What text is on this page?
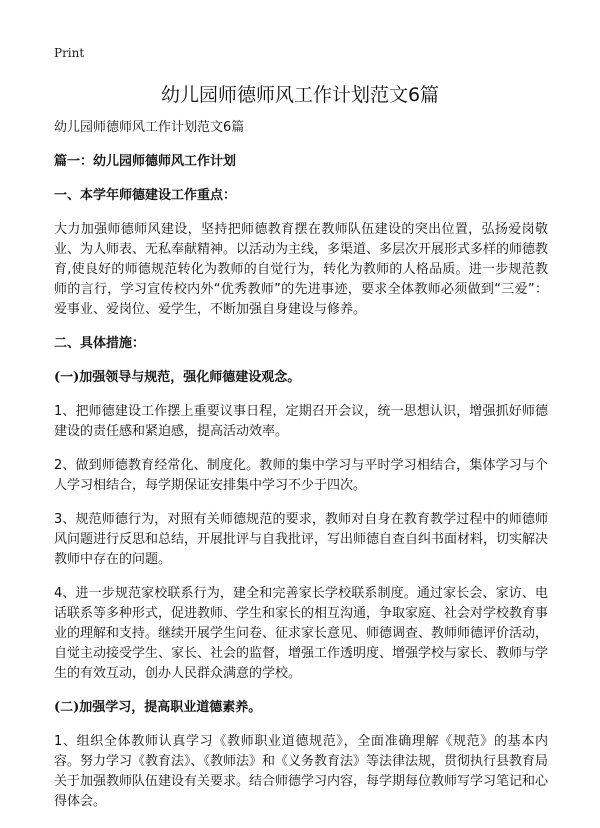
Print
幼儿园师德师风工作计划范文6篇

幼儿园师德师风工作计划范文6篇

篇一：幼儿园师德师风工作计划

一、本学年师德建设工作重点：

大力加强师德师风建设，坚持把师德教育摆在教师队伍建设的突出位置，弘扬爱岗敬业、为人师表、无私奉献精神。以活动为主线，多渠道、多层次开展形式多样的师德教育,使良好的师德规范转化为教师的自觉行为，转化为教师的人格品质。进一步规范教师的言行，学习宣传校内外“优秀教师”的先进事迹，要求全体教师必须做到“三爱”：爱事业、爱岗位、爱学生，不断加强自身建设与修养。

二、具体措施：

(一)加强领导与规范，强化师德建设观念。

1、把师德建设工作摆上重要议事日程，定期召开会议，统一思想认识，增强抓好师德建设的责任感和紧迫感，提高活动效率。

2、做到师德教育经常化、制度化。教师的集中学习与平时学习相结合，集体学习与个人学习相结合，每学期保证安排集中学习不少于四次。

3、规范师德行为，对照有关师德规范的要求，教师对自身在教育教学过程中的师德师风问题进行反思和总结，开展批评与自我批评，写出师德自查自纠书面材料，切实解决教师中存在的问题。

4、进一步规范家校联系行为，建全和完善家长学校联系制度。通过家长会、家访、电话联系等多种形式，促进教师、学生和家长的相互沟通，争取家庭、社会对学校教育事业的理解和支持。继续开展学生问卷、征求家长意见、师德调查、教师师德评价活动，自觉主动接受学生、家长、社会的监督，增强工作透明度、增强学校与家长、教师与学生的有效互动，创办人民群众满意的学校。

(二)加强学习，提高职业道德素养。

1、组织全体教师认真学习《教师职业道德规范》，全面准确理解《规范》的基本内容。努力学习《教育法》、《教师法》和《义务教育法》等法律法规，贯彻执行县教育局关于加强教师队伍建设有关要求。结合师德学习内容，每学期每位教师写学习笔记和心得体会。
